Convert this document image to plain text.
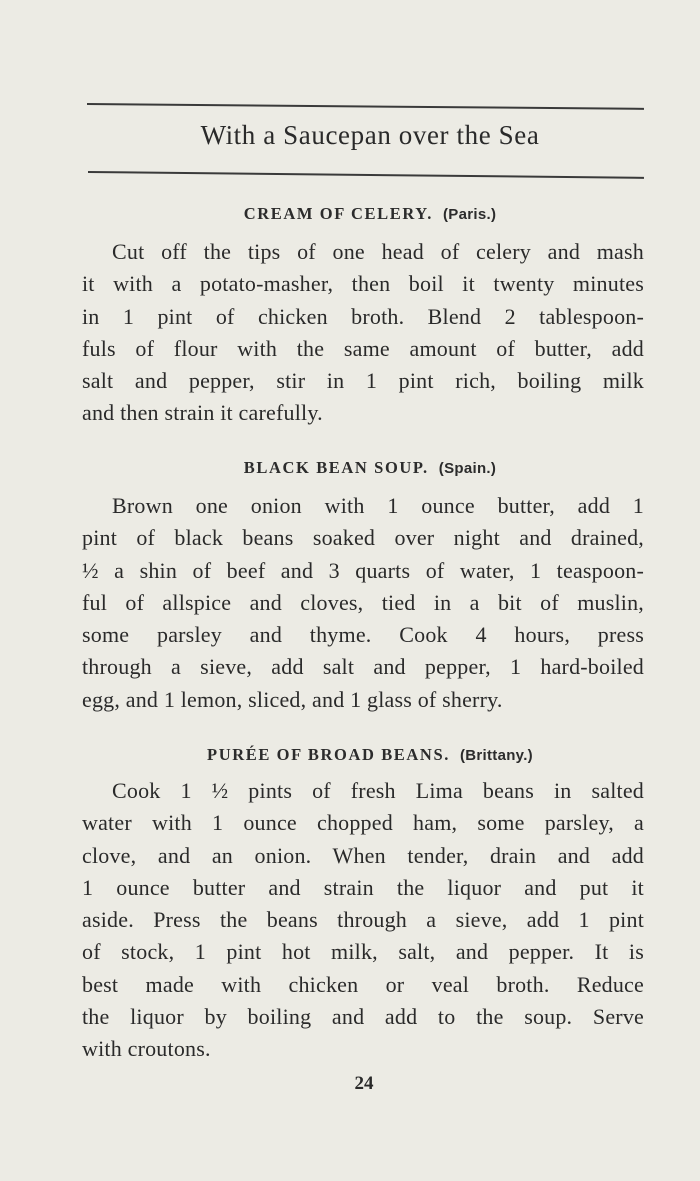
With a Saucepan over the Sea
CREAM OF CELERY. (Paris.)
Cut off the tips of one head of celery and mash
it with a potato-masher, then boil it twenty minutes
in 1 pint of chicken broth. Blend 2 tablespoon-
fuls of flour with the same amount of butter, add
salt and pepper, stir in 1 pint rich, boiling milk
and then strain it carefully.
BLACK BEAN SOUP. (Spain.)
Brown one onion with 1 ounce butter, add 1
pint of black beans soaked over night and drained,
½ a shin of beef and 3 quarts of water, 1 teaspoon-
ful of allspice and cloves, tied in a bit of muslin,
some parsley and thyme. Cook 4 hours, press
through a sieve, add salt and pepper, 1 hard-boiled
egg, and 1 lemon, sliced, and 1 glass of sherry.
PURÉE OF BROAD BEANS. (Brittany.)
Cook 1 ½ pints of fresh Lima beans in salted
water with 1 ounce chopped ham, some parsley, a
clove, and an onion. When tender, drain and add
1 ounce butter and strain the liquor and put it
aside. Press the beans through a sieve, add 1 pint
of stock, 1 pint hot milk, salt, and pepper. It is
best made with chicken or veal broth. Reduce
the liquor by boiling and add to the soup. Serve
with croutons.
24
